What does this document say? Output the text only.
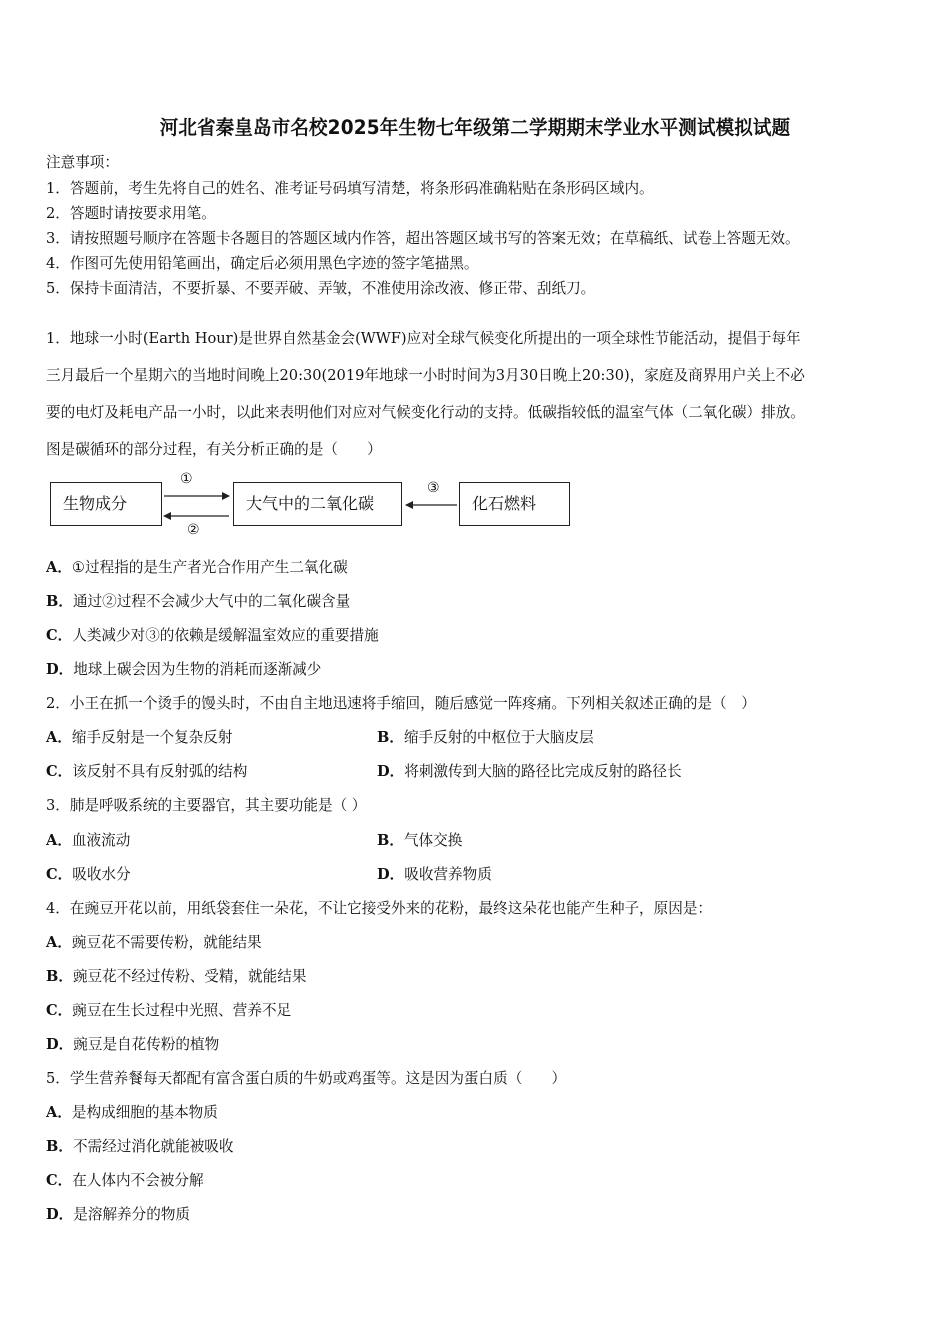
河北省秦皇岛市名校2025年生物七年级第二学期期末学业水平测试模拟试题
注意事项：
1．答题前，考生先将自己的姓名、准考证号码填写清楚，将条形码准确粘贴在条形码区域内。
2．答题时请按要求用笔。
3．请按照题号顺序在答题卡各题目的答题区域内作答，超出答题区域书写的答案无效；在草稿纸、试卷上答题无效。
4．作图可先使用铅笔画出，确定后必须用黑色字迹的签字笔描黑。
5．保持卡面清洁，不要折暴、不要弄破、弄皱，不准使用涂改液、修正带、刮纸刀。
1．地球一小时(Earth Hour)是世界自然基金会(WWF)应对全球气候变化所提出的一项全球性节能活动，提倡于每年
三月最后一个星期六的当地时间晚上20:30(2019年地球一小时时间为3月30日晚上20:30)，家庭及商界用户关上不必
要的电灯及耗电产品一小时，以此来表明他们对应对气候变化行动的支持。低碳指较低的温室气体（二氧化碳）排放。
图是碳循环的部分过程，有关分析正确的是（　　）
生物成分	大气中的二氧化碳	化石燃料
①
②
③
A．①过程指的是生产者光合作用产生二氧化碳
B．通过②过程不会减少大气中的二氧化碳含量
C．人类减少对③的依赖是缓解温室效应的重要措施
D．地球上碳会因为生物的消耗而逐渐减少
2．小王在抓一个烫手的馒头时，不由自主地迅速将手缩回，随后感觉一阵疼痛。下列相关叙述正确的是（　）
A．缩手反射是一个复杂反射	B．缩手反射的中枢位于大脑皮层
C．该反射不具有反射弧的结构	D．将刺激传到大脑的路径比完成反射的路径长
3．肺是呼吸系统的主要器官，其主要功能是（ ）
A．血液流动	B．气体交换
C．吸收水分	D．吸收营养物质
4．在豌豆开花以前，用纸袋套住一朵花，不让它接受外来的花粉，最终这朵花也能产生种子，原因是：
A．豌豆花不需要传粉，就能结果
B．豌豆花不经过传粉、受精，就能结果
C．豌豆在生长过程中光照、营养不足
D．豌豆是自花传粉的植物
5．学生营养餐每天都配有富含蛋白质的牛奶或鸡蛋等。这是因为蛋白质（　　）
A．是构成细胞的基本物质
B．不需经过消化就能被吸收
C．在人体内不会被分解
D．是溶解养分的物质
